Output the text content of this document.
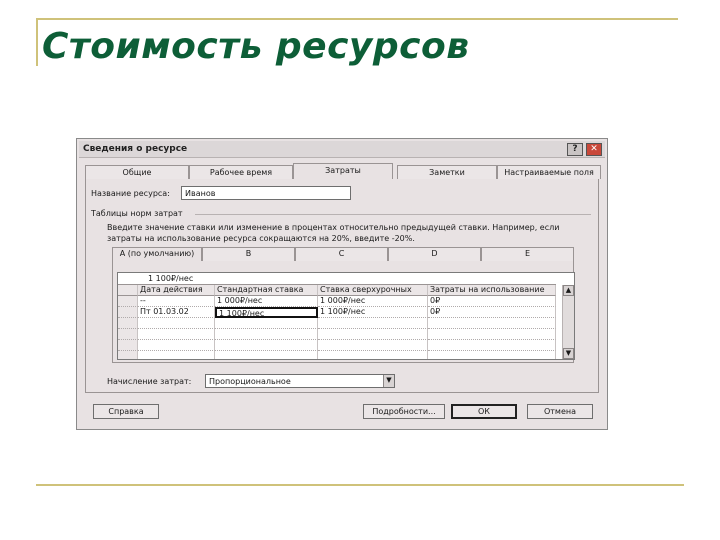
Стоимость ресурсов
Сведения о ресурсе	?	✕
Общие	Рабочее время	Затраты	Заметки	Настраиваемые поля
Название ресурса:	Иванов
Таблицы норм затрат
Введите значение ставки или изменение в процентах относительно предыдущей ставки. Например, если
затраты на использование ресурса сокращаются на 20%, введите -20%.
А (по умолчанию)	B	C	D	E
1 100₽/нес
Дата действия	Стандартная ставка	Ставка сверхурочных	Затраты на использование
--	1 000₽/нес	1 000₽/нес	0₽
Пт 01.03.02	1 100₽/нес	1 100₽/нес	0₽
▲
▼
Начисление затрат:	Пропорциональное	▼
Справка	Подробности...	ОК	Отмена
